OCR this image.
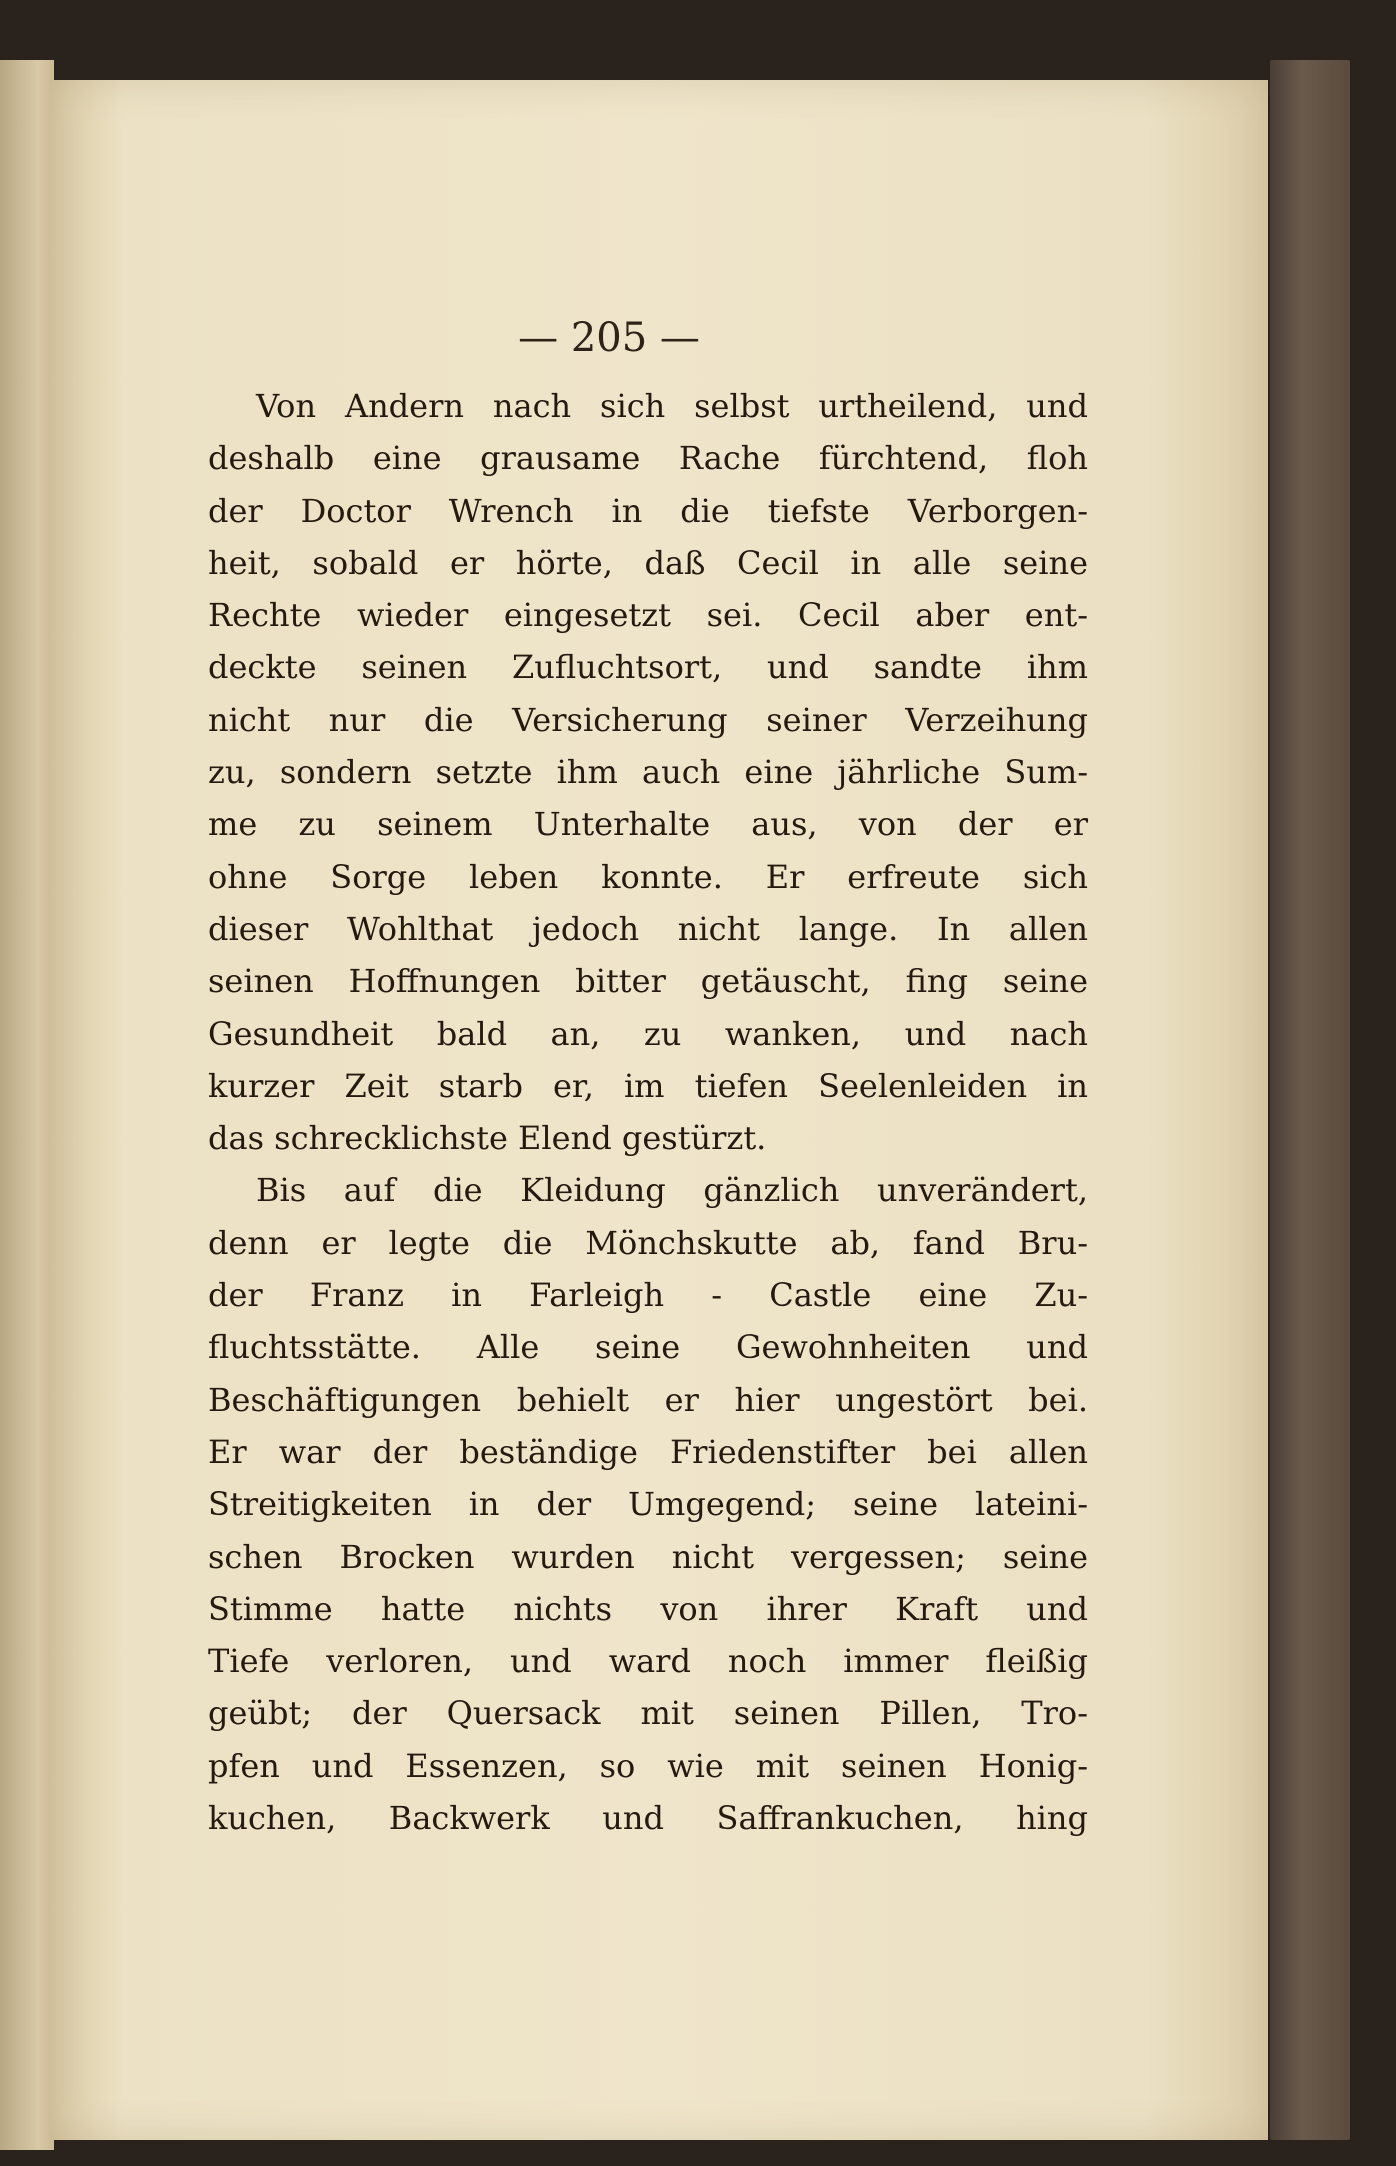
— 205 —
Von Andern nach sich selbst urtheilend, und
deshalb eine grausame Rache fürchtend, floh
der Doctor Wrench in die tiefste Verborgen-
heit, sobald er hörte, daß Cecil in alle seine
Rechte wieder eingesetzt sei. Cecil aber ent-
deckte seinen Zufluchtsort, und sandte ihm
nicht nur die Versicherung seiner Verzeihung
zu, sondern setzte ihm auch eine jährliche Sum-
me zu seinem Unterhalte aus, von der er
ohne Sorge leben konnte. Er erfreute sich
dieser Wohlthat jedoch nicht lange. In allen
seinen Hoffnungen bitter getäuscht, fing seine
Gesundheit bald an, zu wanken, und nach
kurzer Zeit starb er, im tiefen Seelenleiden in
das schrecklichste Elend gestürzt.
Bis auf die Kleidung gänzlich unverändert,
denn er legte die Mönchskutte ab, fand Bru-
der Franz in Farleigh - Castle eine Zu-
fluchtsstätte. Alle seine Gewohnheiten und
Beschäftigungen behielt er hier ungestört bei.
Er war der beständige Friedenstifter bei allen
Streitigkeiten in der Umgegend; seine lateini-
schen Brocken wurden nicht vergessen; seine
Stimme hatte nichts von ihrer Kraft und
Tiefe verloren, und ward noch immer fleißig
geübt; der Quersack mit seinen Pillen, Tro-
pfen und Essenzen, so wie mit seinen Honig-
kuchen, Backwerk und Saffrankuchen, hing
